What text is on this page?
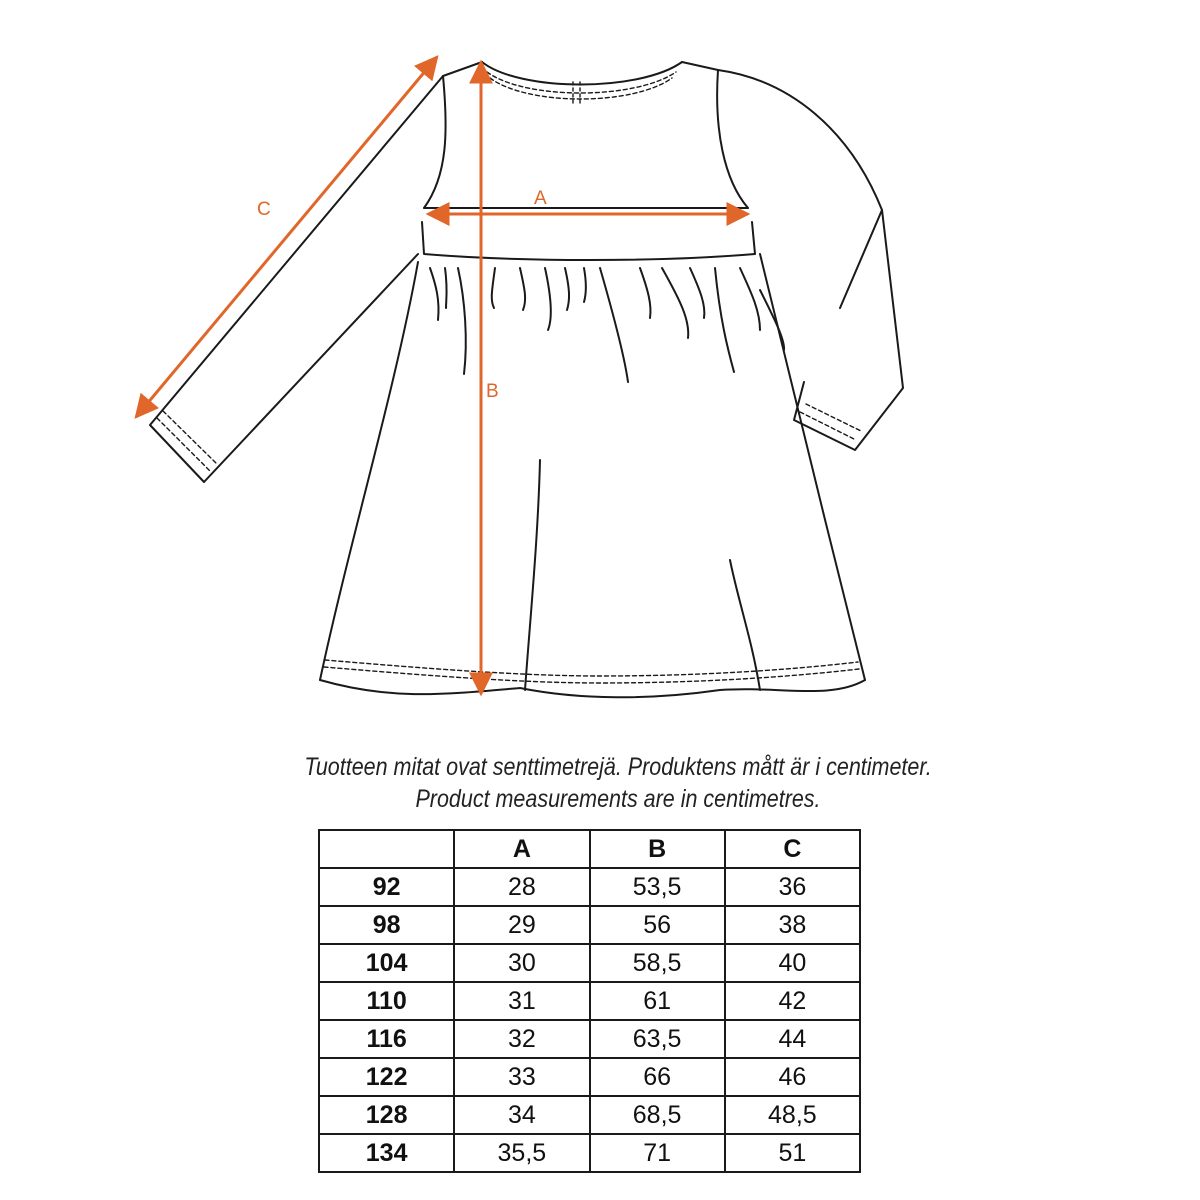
A
B
C
Tuotteen mitat ovat senttimetrejä. Produktens mått är i centimeter.
Product measurements are in centimetres.
	A	B	C
92	28	53,5	36
98	29	56	38
104	30	58,5	40
110	31	61	42
116	32	63,5	44
122	33	66	46
128	34	68,5	48,5
134	35,5	71	51
